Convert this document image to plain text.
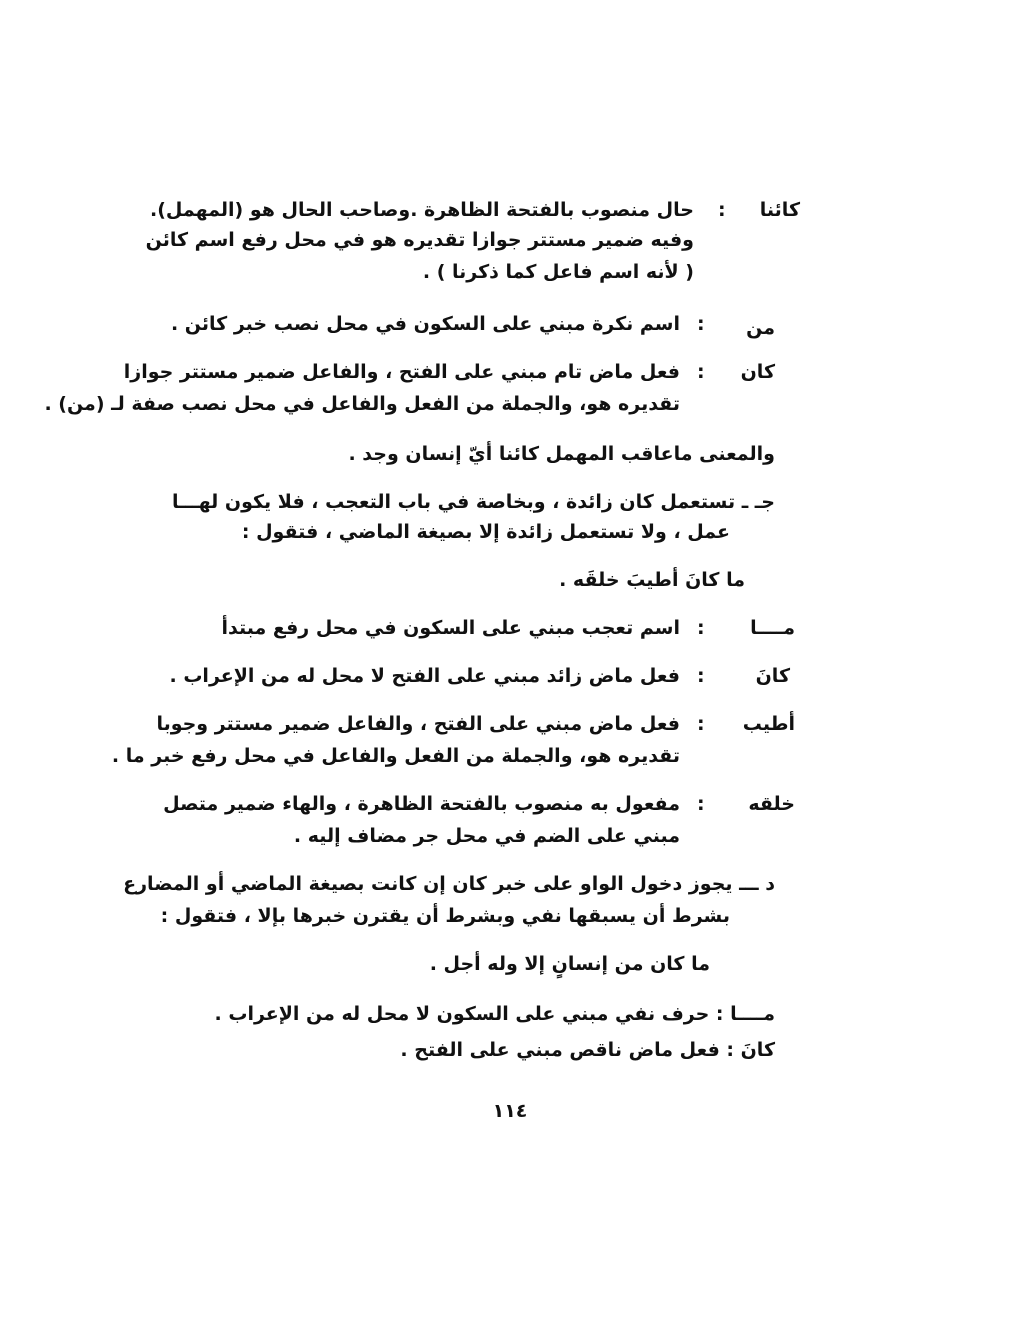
كائنا
:
حال منصوب بالفتحة الظاهرة .وصاحب الحال هو (المهمل).
وفيه ضمير مستتر جوازا تقديره هو في محل رفع اسم كائن
( لأنه اسم فاعل كما ذكرنا ) .
من
:
اسم نكرة مبني على السكون في محل نصب خبر كائن .
كان
:
فعل ماض تام مبني على الفتح ، والفاعل ضمير مستتر جوازا
تقديره هو، والجملة من الفعل والفاعل في محل نصب صفة لـ (من) .
والمعنى ماعاقب المهمل كائنا أيّ إنسان وجد .
جـ ـ تستعمل كان زائدة ، وبخاصة في باب التعجب ، فلا يكون لهـــا
عمل ، ولا تستعمل زائدة إلا بصيغة الماضي ، فتقول :
ما كانَ أطيبَ خلقَه .
مــــا
:
اسم تعجب مبني على السكون في محل رفع مبتدأ
كانَ
:
فعل ماض زائد مبني على الفتح لا محل له من الإعراب .
أطيب
:
فعل ماض مبني على الفتح ، والفاعل ضمير مستتر وجوبا
تقديره هو، والجملة من الفعل والفاعل في محل رفع خبر ما .
خلقه
:
مفعول به منصوب بالفتحة الظاهرة ، والهاء ضمير متصل
مبني على الضم في محل جر مضاف إليه .
د ـــ يجوز دخول الواو على خبر كان إن كانت بصيغة الماضي أو المضارع
بشرط أن يسبقها نفي وبشرط أن يقترن خبرها بإلا ، فتقول :
ما كان من إنسانٍ إلا وله أجل .
مــــا : حرف نفي مبني على السكون لا محل له من الإعراب .
كانَ : فعل ماض ناقص مبني على الفتح .
١١٤
